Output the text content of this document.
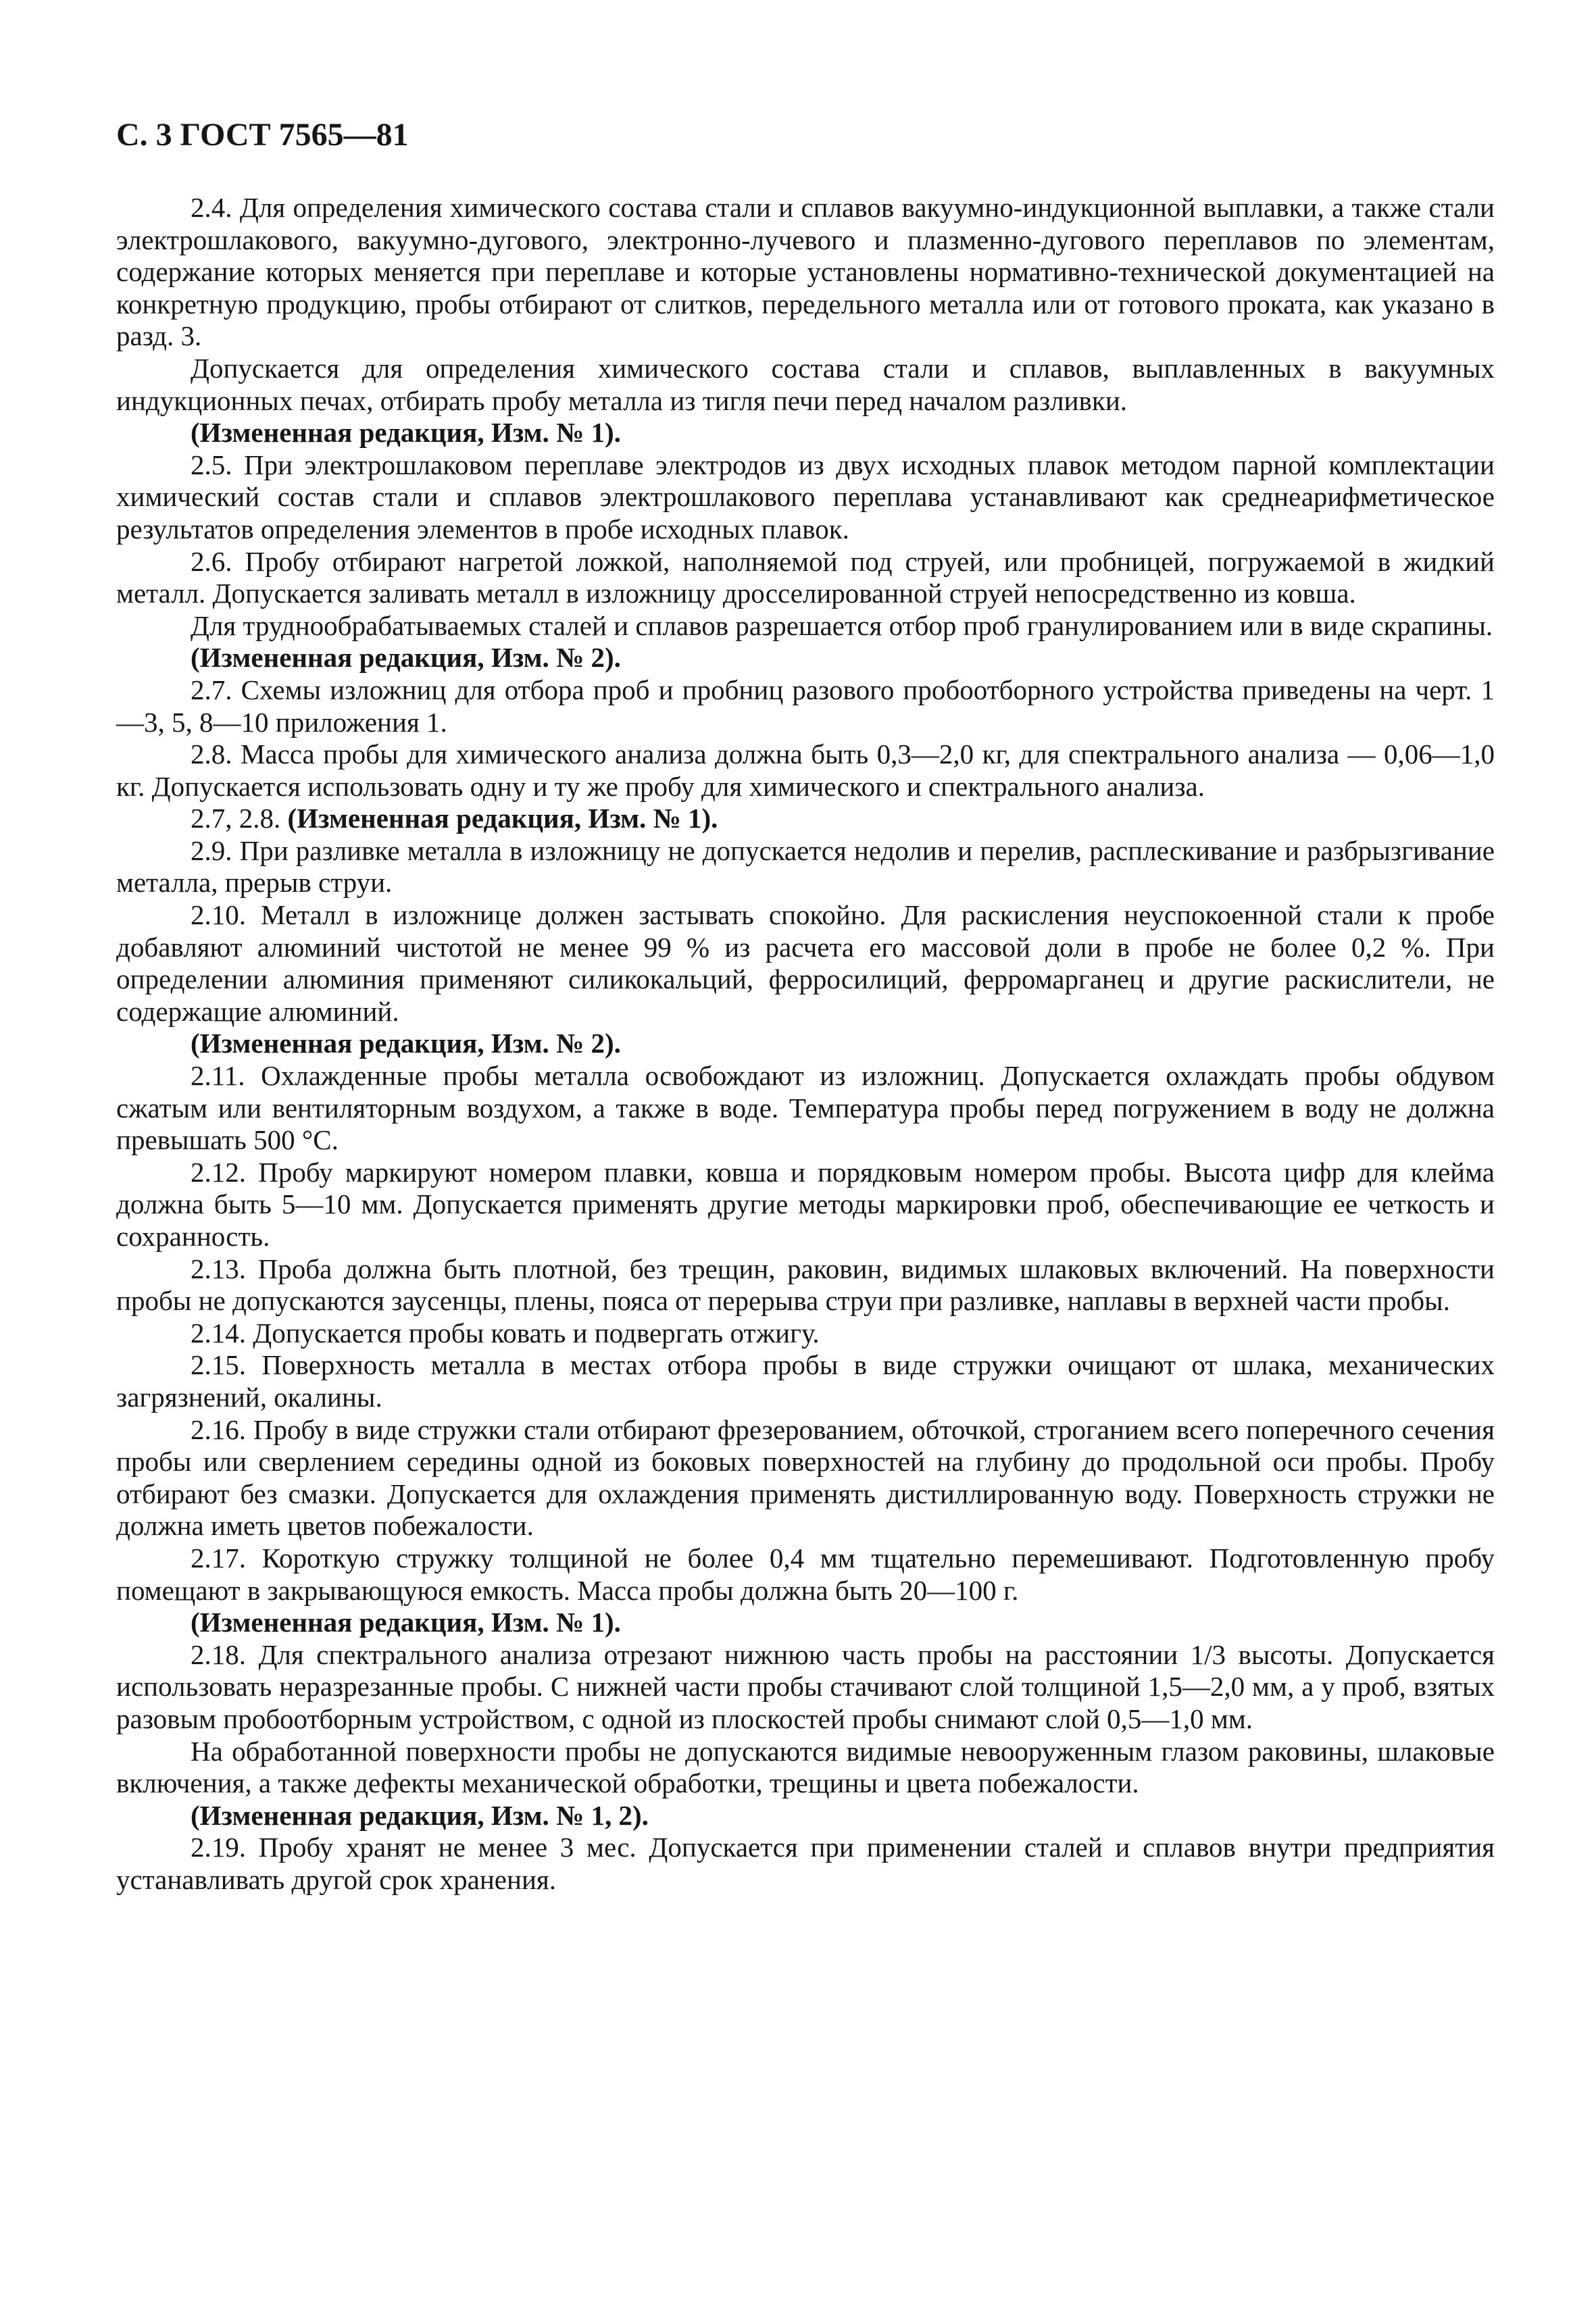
С. 3 ГОСТ 7565—81

2.4. Для определения химического состава стали и сплавов вакуумно-индукционной выплавки, а также стали электрошлакового, вакуумно-дугового, электронно-лучевого и плазменно-дугового переплавов по элементам, содержание которых меняется при переплаве и которые установлены нормативно-технической документацией на конкретную продукцию, пробы отбирают от слитков, передельного металла или от готового проката, как указано в разд. 3.

Допускается для определения химического состава стали и сплавов, выплавленных в вакуумных индукционных печах, отбирать пробу металла из тигля печи перед началом разливки.

(Измененная редакция, Изм. № 1).

2.5. При электрошлаковом переплаве электродов из двух исходных плавок методом парной комплектации химический состав стали и сплавов электрошлакового переплава устанавливают как среднеарифметическое результатов определения элементов в пробе исходных плавок.

2.6. Пробу отбирают нагретой ложкой, наполняемой под струей, или пробницей, погружаемой в жидкий металл. Допускается заливать металл в изложницу дросселированной струей непосредственно из ковша.

Для труднообрабатываемых сталей и сплавов разрешается отбор проб гранулированием или в виде скрапины.

(Измененная редакция, Изм. № 2).

2.7. Схемы изложниц для отбора проб и пробниц разового пробоотборного устройства приведены на черт. 1—3, 5, 8—10 приложения 1.

2.8. Масса пробы для химического анализа должна быть 0,3—2,0 кг, для спектрального анализа — 0,06—1,0 кг. Допускается использовать одну и ту же пробу для химического и спектрального анализа.

2.7, 2.8. (Измененная редакция, Изм. № 1).

2.9. При разливке металла в изложницу не допускается недолив и перелив, расплескивание и разбрызгивание металла, прерыв струи.

2.10. Металл в изложнице должен застывать спокойно. Для раскисления неуспокоенной стали к пробе добавляют алюминий чистотой не менее 99 % из расчета его массовой доли в пробе не более 0,2 %. При определении алюминия применяют силикокальций, ферросилиций, ферромарганец и другие раскислители, не содержащие алюминий.

(Измененная редакция, Изм. № 2).

2.11. Охлажденные пробы металла освобождают из изложниц. Допускается охлаждать пробы обдувом сжатым или вентиляторным воздухом, а также в воде. Температура пробы перед погружением в воду не должна превышать 500 °С.

2.12. Пробу маркируют номером плавки, ковша и порядковым номером пробы. Высота цифр для клейма должна быть 5—10 мм. Допускается применять другие методы маркировки проб, обеспечивающие ее четкость и сохранность.

2.13. Проба должна быть плотной, без трещин, раковин, видимых шлаковых включений. На поверхности пробы не допускаются заусенцы, плены, пояса от перерыва струи при разливке, наплавы в верхней части пробы.

2.14. Допускается пробы ковать и подвергать отжигу.

2.15. Поверхность металла в местах отбора пробы в виде стружки очищают от шлака, механических загрязнений, окалины.

2.16. Пробу в виде стружки стали отбирают фрезерованием, обточкой, строганием всего поперечного сечения пробы или сверлением середины одной из боковых поверхностей на глубину до продольной оси пробы. Пробу отбирают без смазки. Допускается для охлаждения применять дистиллированную воду. Поверхность стружки не должна иметь цветов побежалости.

2.17. Короткую стружку толщиной не более 0,4 мм тщательно перемешивают. Подготовленную пробу помещают в закрывающуюся емкость. Масса пробы должна быть 20—100 г.

(Измененная редакция, Изм. № 1).

2.18. Для спектрального анализа отрезают нижнюю часть пробы на расстоянии 1/3 высоты. Допускается использовать неразрезанные пробы. С нижней части пробы стачивают слой толщиной 1,5—2,0 мм, а у проб, взятых разовым пробоотборным устройством, с одной из плоскостей пробы снимают слой 0,5—1,0 мм.

На обработанной поверхности пробы не допускаются видимые невооруженным глазом раковины, шлаковые включения, а также дефекты механической обработки, трещины и цвета побежалости.

(Измененная редакция, Изм. № 1, 2).

2.19. Пробу хранят не менее 3 мес. Допускается при применении сталей и сплавов внутри предприятия устанавливать другой срок хранения.
